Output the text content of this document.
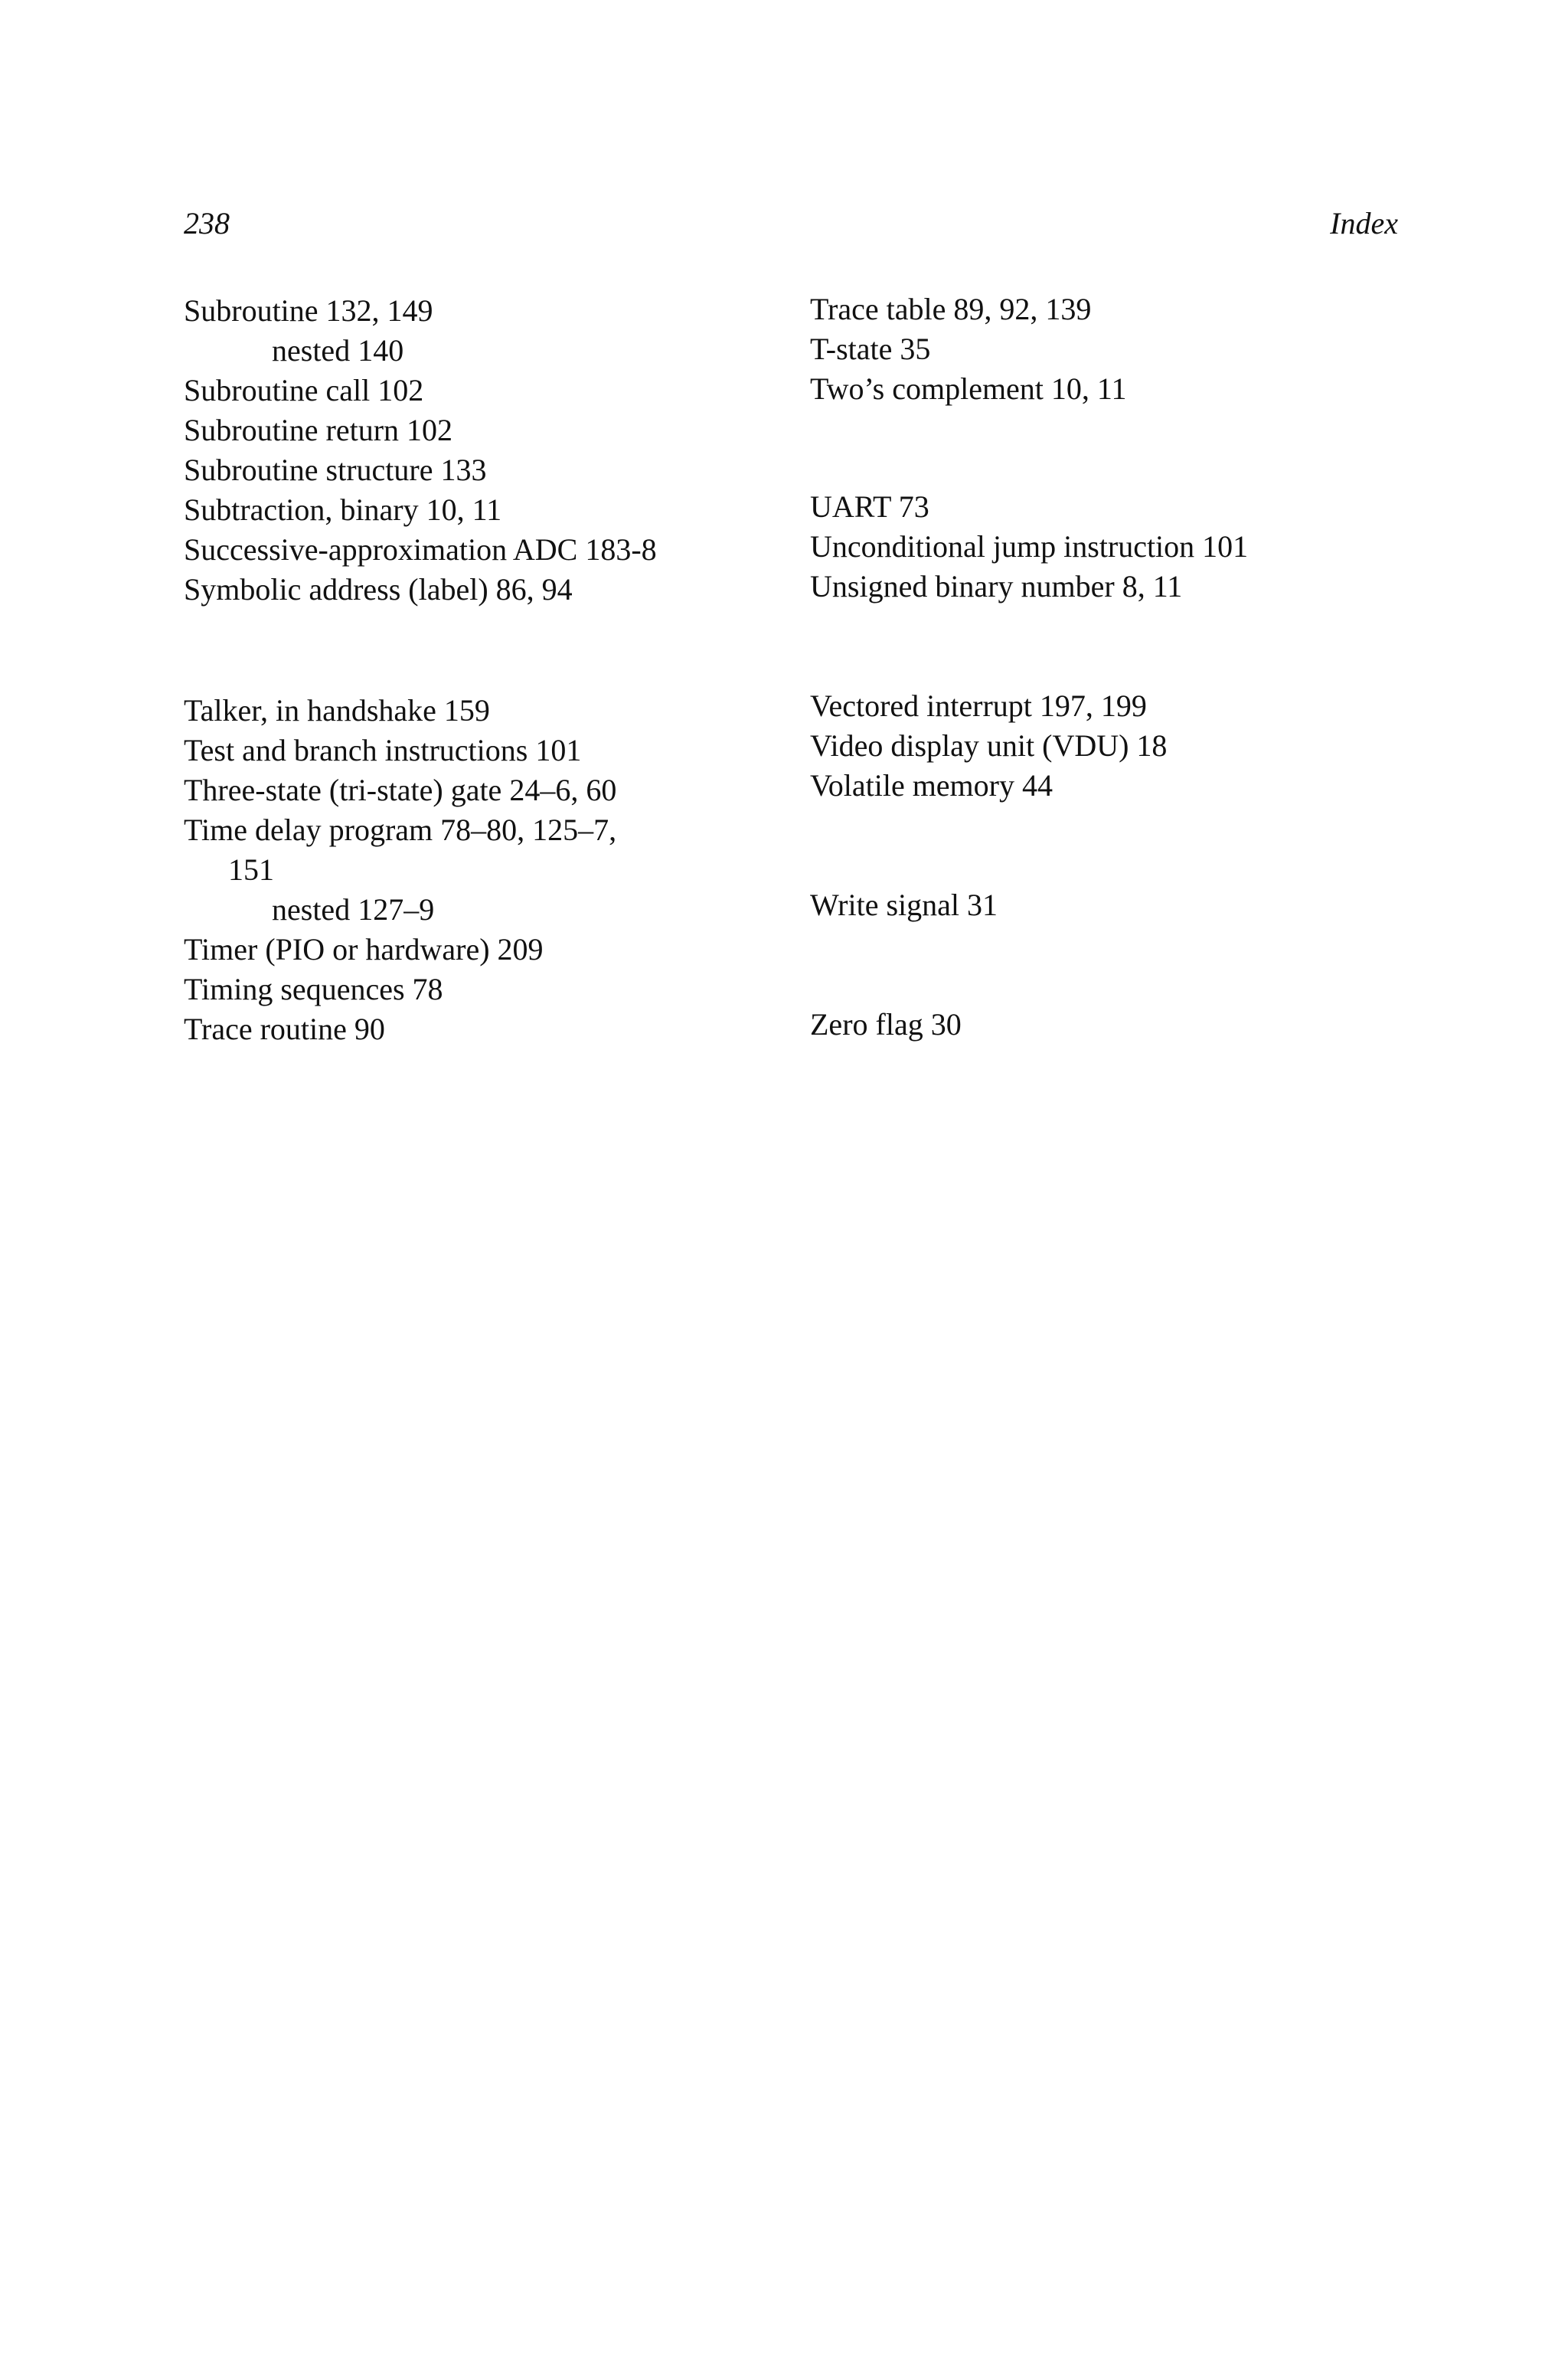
238	Index
Subroutine 132, 149
nested 140
Subroutine call 102
Subroutine return 102
Subroutine structure 133
Subtraction, binary 10, 11
Successive-approximation ADC 183-8
Symbolic address (label) 86, 94
Trace table 89, 92, 139
T-state 35
Two’s complement 10, 11
UART 73
Unconditional jump instruction 101
Unsigned binary number 8, 11
Talker, in handshake 159
Test and branch instructions 101
Three-state (tri-state) gate 24–6, 60
Time delay program 78–80, 125–7,
151
nested 127–9
Timer (PIO or hardware) 209
Timing sequences 78
Trace routine 90
Vectored interrupt 197, 199
Video display unit (VDU) 18
Volatile memory 44
Write signal 31
Zero flag 30
